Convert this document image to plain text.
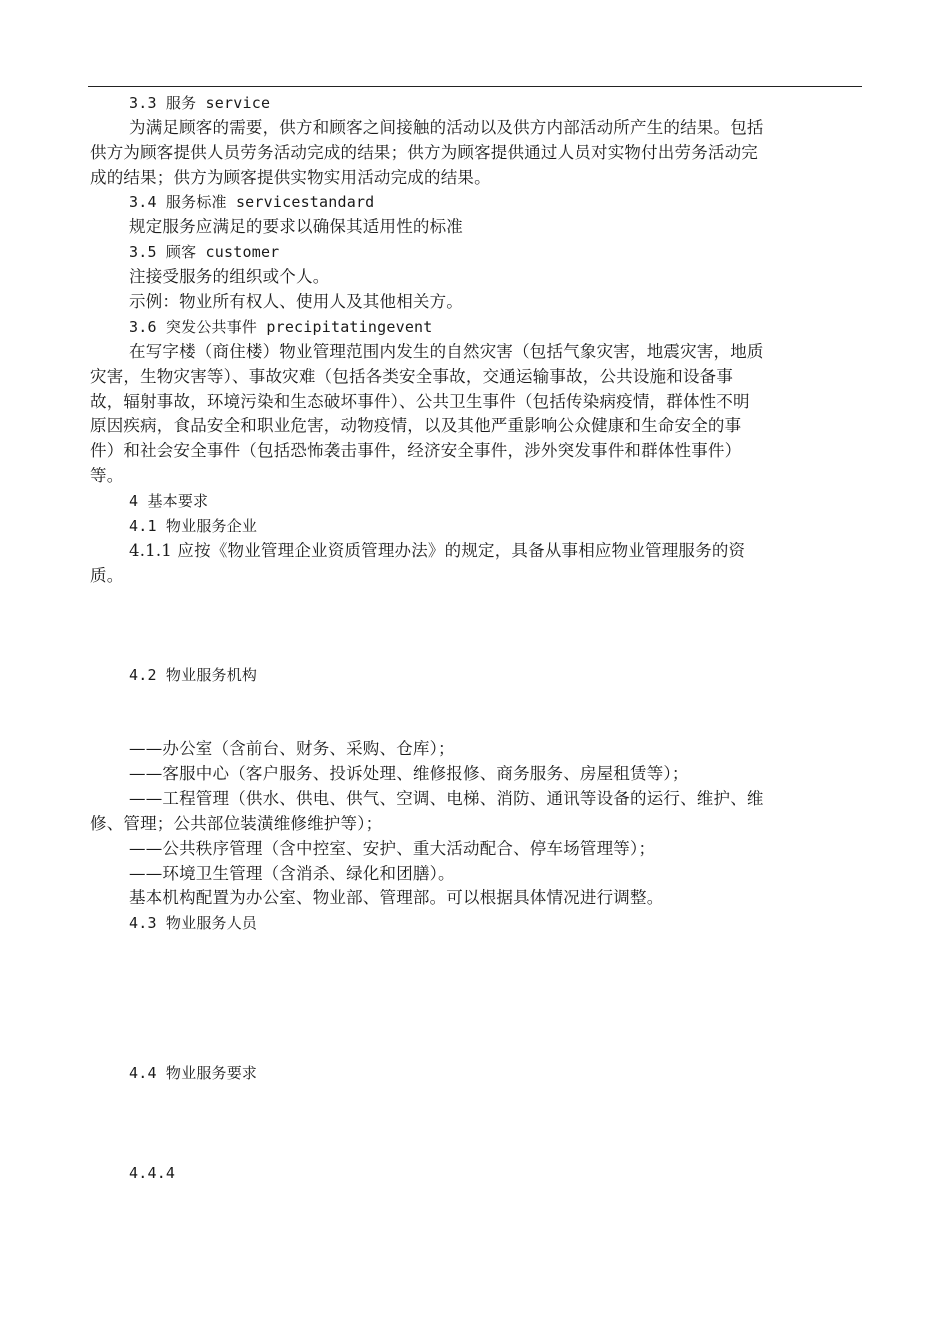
3.3 服务 service
为满足顾客的需要，供方和顾客之间接触的活动以及供方内部活动所产生的结果。包括
供方为顾客提供人员劳务活动完成的结果；供方为顾客提供通过人员对实物付出劳务活动完
成的结果；供方为顾客提供实物实用活动完成的结果。
3.4 服务标准 servicestandard
规定服务应满足的要求以确保其适用性的标准
3.5 顾客 customer
注接受服务的组织或个人。
示例：物业所有权人、使用人及其他相关方。
3.6 突发公共事件 precipitatingevent
在写字楼（商住楼）物业管理范围内发生的自然灾害（包括气象灾害，地震灾害，地质
灾害，生物灾害等）、事故灾难（包括各类安全事故，交通运输事故，公共设施和设备事
故，辐射事故，环境污染和生态破坏事件）、公共卫生事件（包括传染病疫情，群体性不明
原因疾病，食品安全和职业危害，动物疫情，以及其他严重影响公众健康和生命安全的事
件）和社会安全事件（包括恐怖袭击事件，经济安全事件，涉外突发事件和群体性事件）
等。
4 基本要求
4.1 物业服务企业
4.1.1 应按《物业管理企业资质管理办法》的规定，具备从事相应物业管理服务的资
质。
4.2 物业服务机构
——办公室（含前台、财务、采购、仓库）；
——客服中心（客户服务、投诉处理、维修报修、商务服务、房屋租赁等）；
——工程管理（供水、供电、供气、空调、电梯、消防、通讯等设备的运行、维护、维
修、管理；公共部位装潢维修维护等）；
——公共秩序管理（含中控室、安护、重大活动配合、停车场管理等）；
——环境卫生管理（含消杀、绿化和团膳）。
基本机构配置为办公室、物业部、管理部。可以根据具体情况进行调整。
4.3 物业服务人员
4.4 物业服务要求
4.4.4
